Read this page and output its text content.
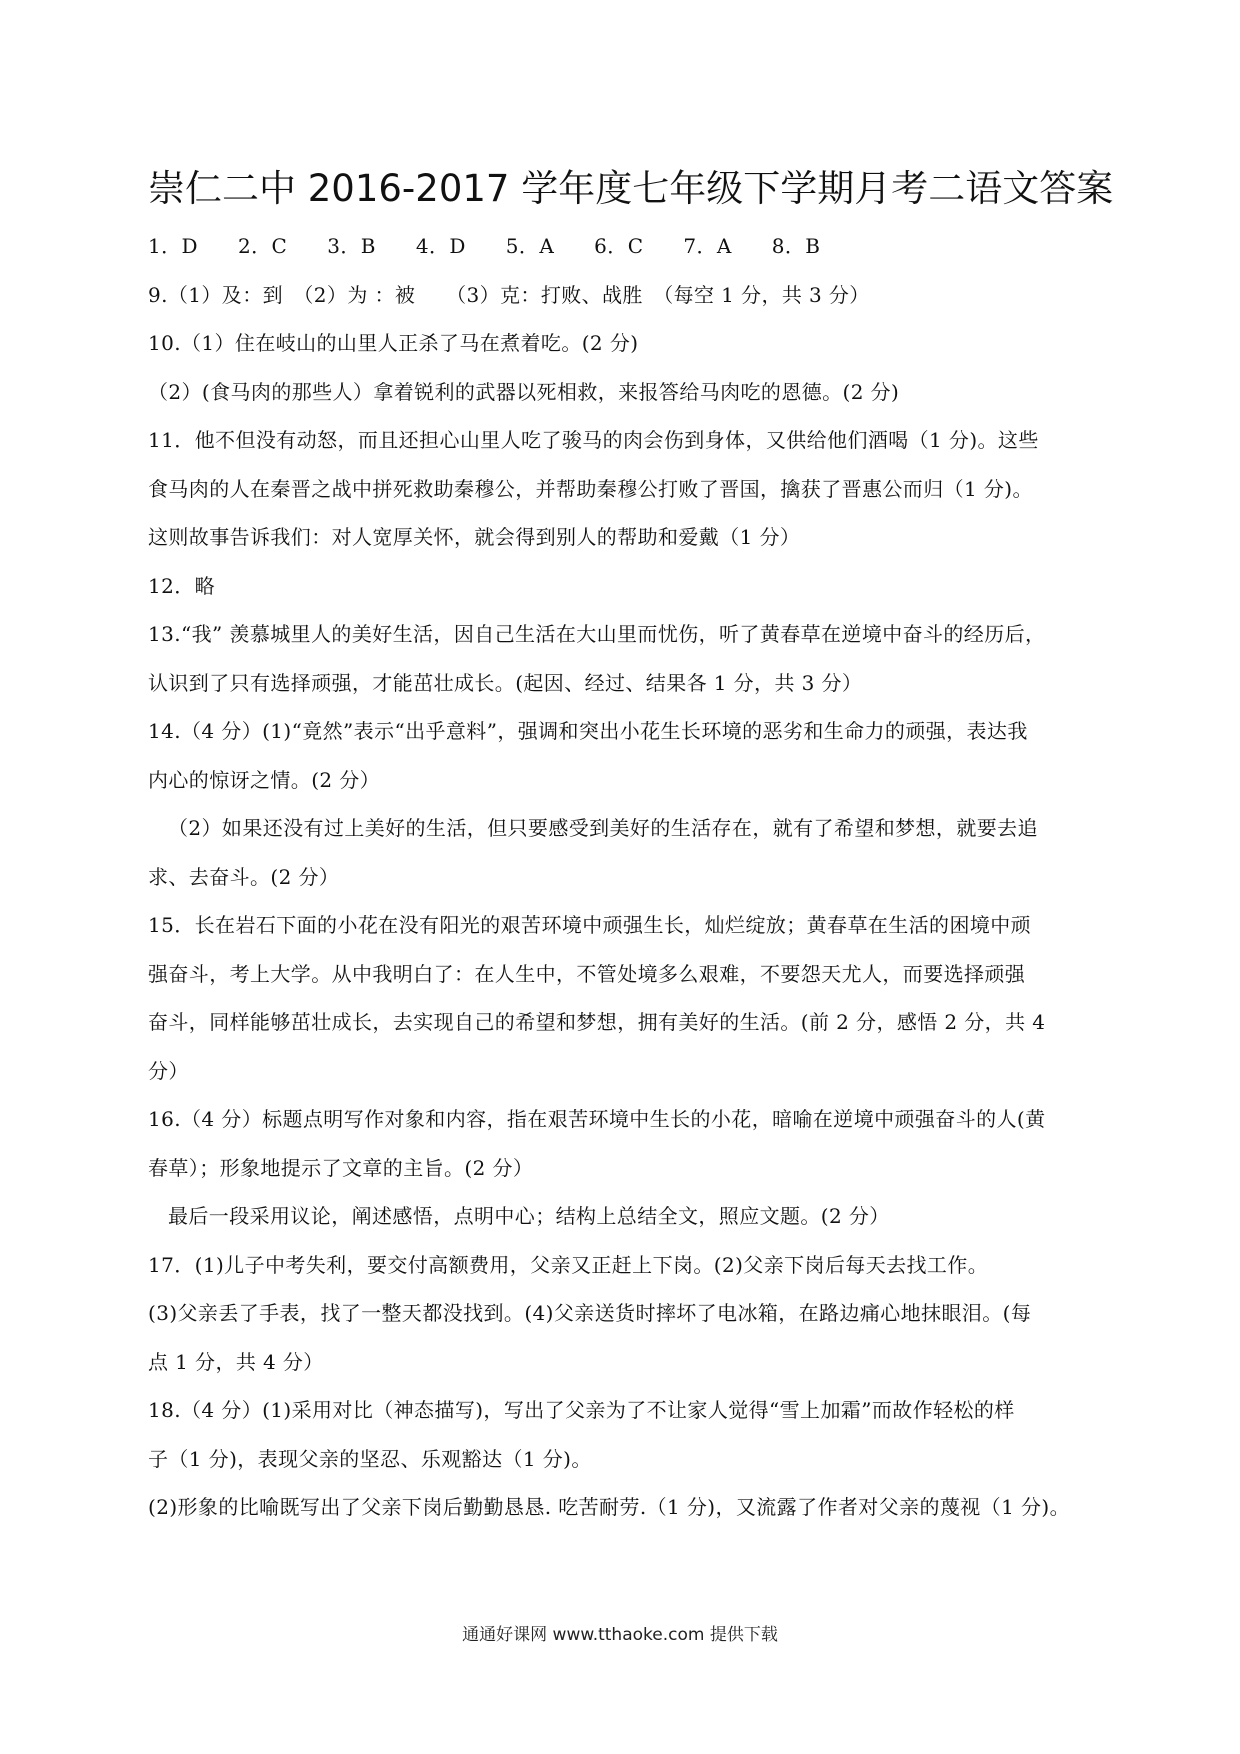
崇仁二中 2016-2017 学年度七年级下学期月考二语文答案
1．D 2．C 3．B 4．D 5．A 6．C 7．A 8．B
9.（1）及：到　（2）为 ：被　　（3）克：打败、战胜　（每空 1 分，共 3 分）
10.（1）住在岐山的山里人正杀了马在煮着吃。(2 分)
（2）(食马肉的那些人）拿着锐利的武器以死相救，来报答给马肉吃的恩德。(2 分)
11．他不但没有动怒，而且还担心山里人吃了骏马的肉会伤到身体，又供给他们酒喝（1 分)。这些
食马肉的人在秦晋之战中拼死救助秦穆公，并帮助秦穆公打败了晋国，擒获了晋惠公而归（1 分)。
这则故事告诉我们：对人宽厚关怀，就会得到别人的帮助和爱戴（1 分）
12．略
13.“我” 羡慕城里人的美好生活，因自己生活在大山里而忧伤，听了黄春草在逆境中奋斗的经历后，
认识到了只有选择顽强，才能茁壮成长。(起因、经过、结果各 1 分，共 3 分）
14.（4 分）(1)“竟然”表示“出乎意料”，强调和突出小花生长环境的恶劣和生命力的顽强，表达我
内心的惊讶之情。(2 分）
（2）如果还没有过上美好的生活，但只要感受到美好的生活存在，就有了希望和梦想，就要去追
求、去奋斗。(2 分）
15．长在岩石下面的小花在没有阳光的艰苦环境中顽强生长，灿烂绽放；黄春草在生活的困境中顽
强奋斗，考上大学。从中我明白了：在人生中，不管处境多么艰难，不要怨天尤人，而要选择顽强
奋斗，同样能够茁壮成长，去实现自己的希望和梦想，拥有美好的生活。(前 2 分，感悟 2 分，共 4
分）
16.（4 分）标题点明写作对象和内容，指在艰苦环境中生长的小花，暗喻在逆境中顽强奋斗的人(黄
春草）；形象地提示了文章的主旨。(2 分）
最后一段采用议论，阐述感悟，点明中心；结构上总结全文，照应文题。(2 分）
17．(1)儿子中考失利，要交付高额费用，父亲又正赶上下岗。(2)父亲下岗后每天去找工作。
(3)父亲丢了手表，找了一整天都没找到。(4)父亲送货时摔坏了电冰箱，在路边痛心地抹眼泪。(每
点 1 分，共 4 分）
18.（4 分）(1)采用对比（神态描写)，写出了父亲为了不让家人觉得“雪上加霜”而故作轻松的样
子（1 分)，表现父亲的坚忍、乐观豁达（1 分)。
(2)形象的比喻既写出了父亲下岗后勤勤恳恳. 吃苦耐劳.（1 分)，又流露了作者对父亲的蔑视（1 分)。
通通好课网 www.tthaoke.com 提供下载
